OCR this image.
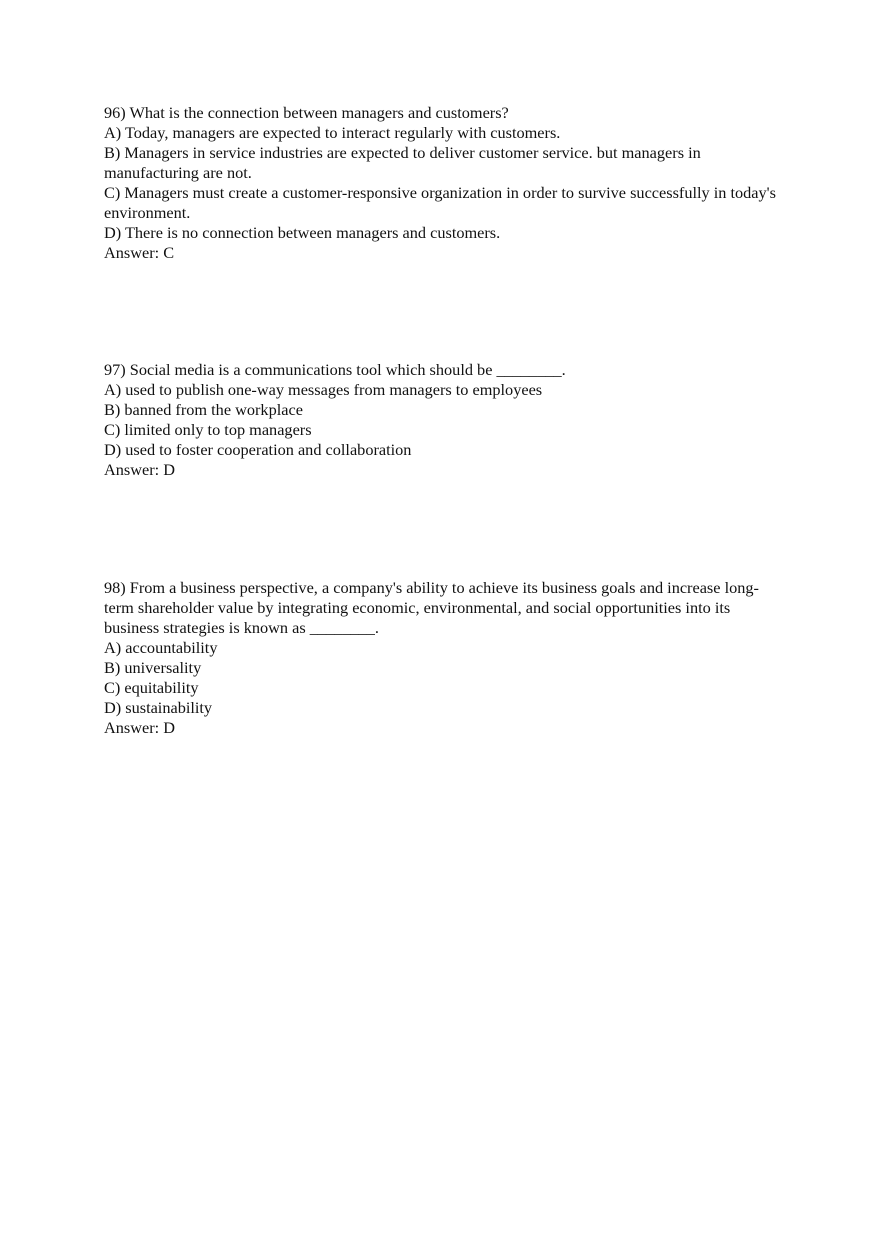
96) What is the connection between managers and customers?

A) Today, managers are expected to interact regularly with customers.

B) Managers in service industries are expected to deliver customer service. but managers in manufacturing are not.

C) Managers must create a customer-responsive organization in order to survive successfully in today's environment.

D) There is no connection between managers and customers.

Answer: C

97) Social media is a communications tool which should be ________.

A) used to publish one-way messages from managers to employees

B) banned from the workplace

C) limited only to top managers

D) used to foster cooperation and collaboration

Answer: D

98) From a business perspective, a company's ability to achieve its business goals and increase long-term shareholder value by integrating economic, environmental, and social opportunities into its business strategies is known as ________.

A) accountability

B) universality

C) equitability

D) sustainability

Answer: D
